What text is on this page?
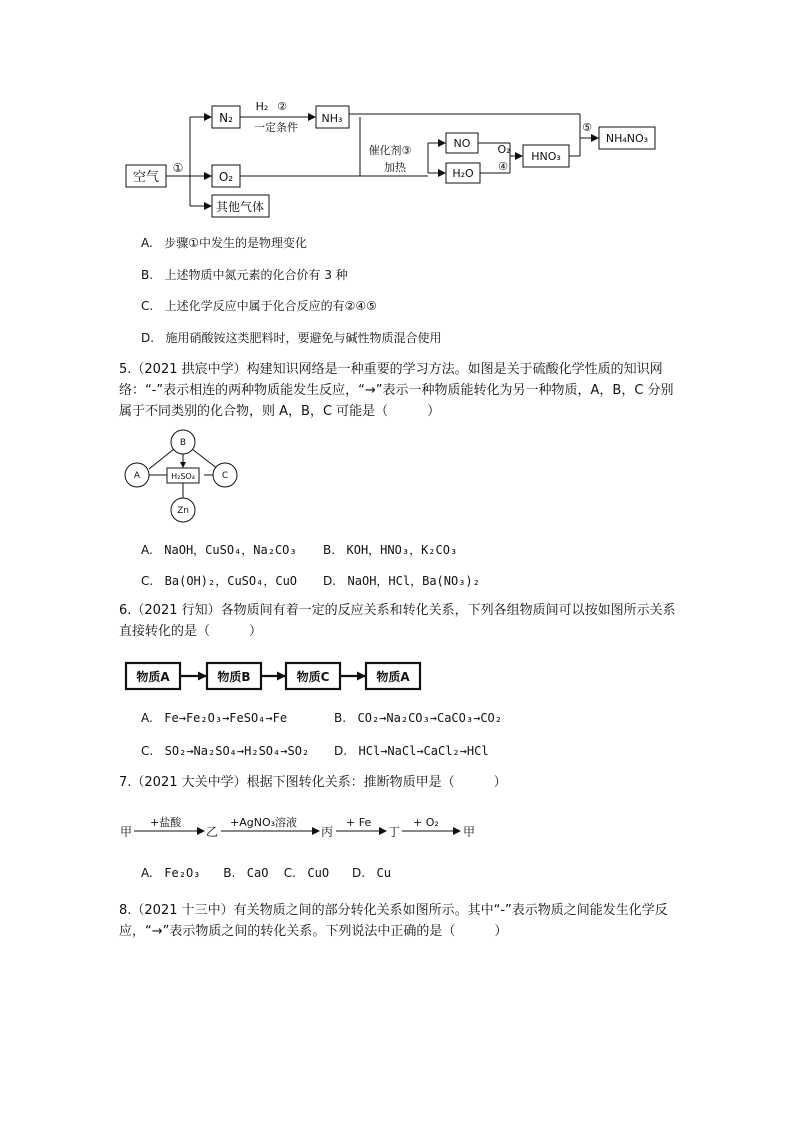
空气
①
N₂
O₂
其他气体
H₂ ②
一定条件
NH₃
催化剂③
加热
NO
H₂O
O₂
④
HNO₃
⑤
NH₄NO₃
A. 步骤①中发生的是物理变化
B. 上述物质中氮元素的化合价有 3 种
C. 上述化学反应中属于化合反应的有②④⑤
D. 施用硝酸铵这类肥料时，要避免与碱性物质混合使用
5.（2021 拱宸中学）构建知识网络是一种重要的学习方法。如图是关于硫酸化学性质的知识网络：“-”表示相连的两种物质能发生反应，“→”表示一种物质能转化为另一种物质，A，B，C 分别属于不同类别的化合物，则 A，B，C 可能是（　　　）
B
A	C
Zn
H₂SO₄
A. NaOH，CuSO₄，Na₂CO₃ B. KOH，HNO₃，K₂CO₃
C. Ba(OH)₂，CuSO₄，CuO D. NaOH，HCl，Ba(NO₃)₂
6.（2021 行知）各物质间有着一定的反应关系和转化关系，下列各组物质间可以按如图所示关系直接转化的是（　　　）
物质A	物质B	物质C	物质A
A. Fe→Fe₂O₃→FeSO₄→Fe	B. CO₂→Na₂CO₃→CaCO₃→CO₂
C. SO₂→Na₂SO₄→H₂SO₄→SO₂ D. HCl→NaCl→CaCl₂→HCl
7.（2021 大关中学）根据下图转化关系：推断物质甲是（　　　）
甲
+盐酸
乙
+AgNO₃溶液
丙
+ Fe
丁
+ O₂
甲
A. Fe₂O₃ B. CaO C. CuO D. Cu
8.（2021 十三中）有关物质之间的部分转化关系如图所示。其中“-”表示物质之间能发生化学反应，“→”表示物质之间的转化关系。下列说法中正确的是（　　　）
